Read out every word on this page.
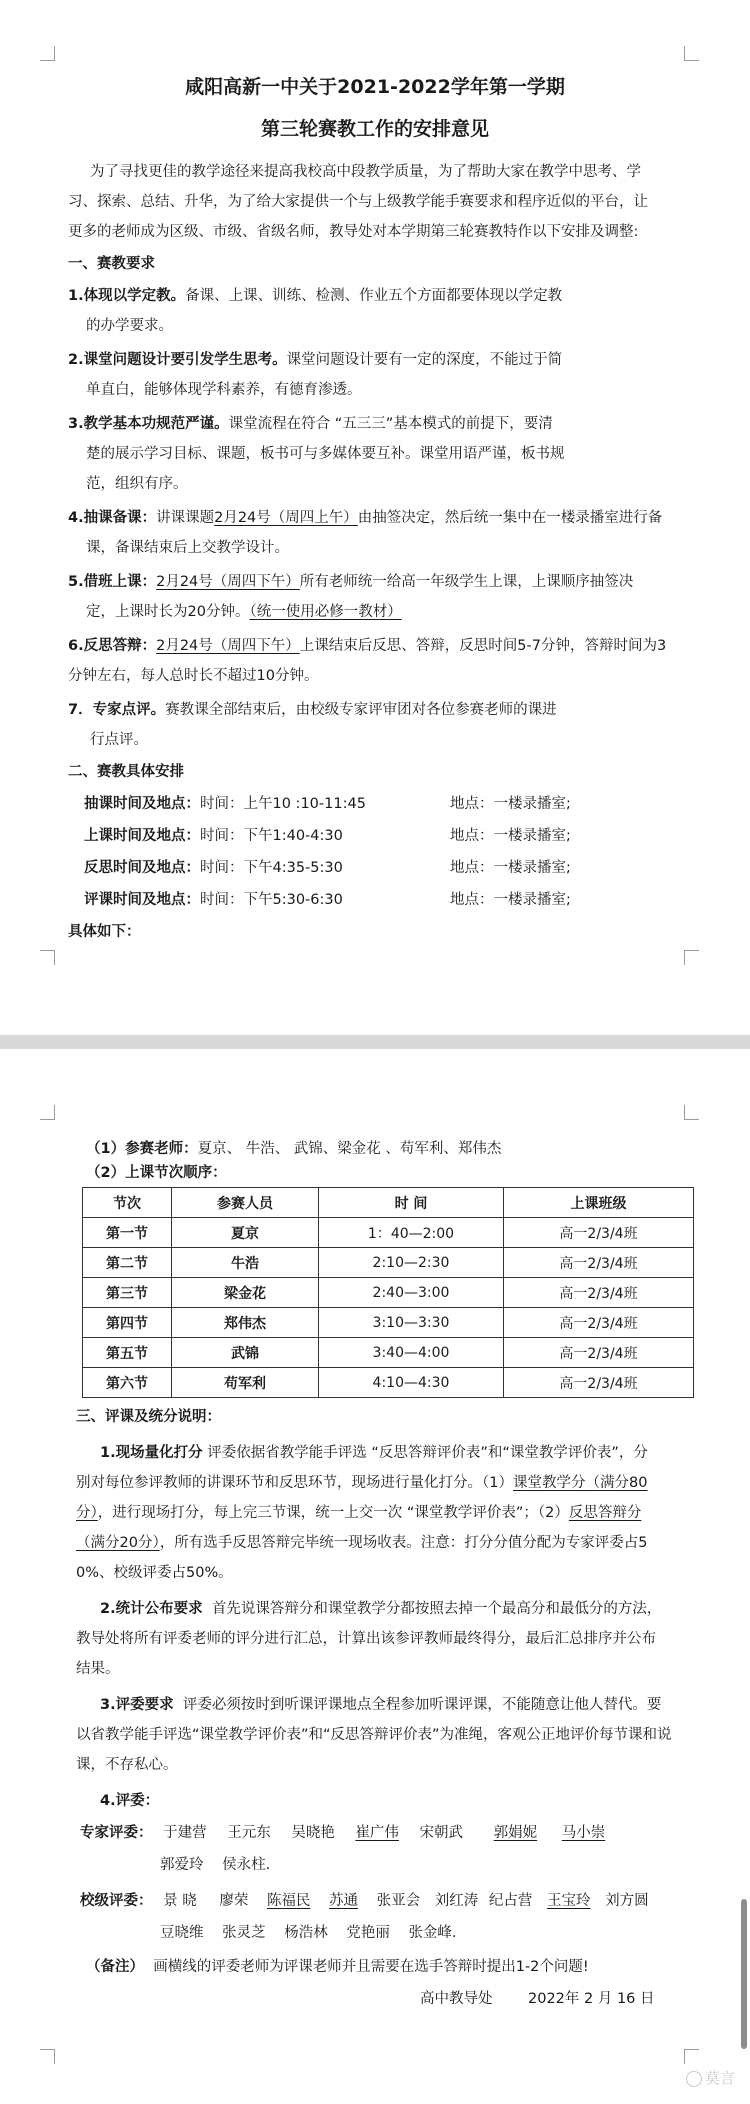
咸阳高新一中关于2021-2022学年第一学期
第三轮赛教工作的安排意见
为了寻找更佳的教学途径来提高我校高中段教学质量，为了帮助大家在教学中思考、学
习、探索、总结、升华，为了给大家提供一个与上级教学能手赛要求和程序近似的平台，让
更多的老师成为区级、市级、省级名师，教导处对本学期第三轮赛教特作以下安排及调整:
一、赛教要求
1.体现以学定教。备课、上课、训练、检测、作业五个方面都要体现以学定教
的办学要求。
2.课堂问题设计要引发学生思考。课堂问题设计要有一定的深度，不能过于简
单直白，能够体现学科素养，有德育渗透。
3.教学基本功规范严谨。课堂流程在符合 “五三三”基本模式的前提下，要清
楚的展示学习目标、课题，板书可与多媒体要互补。课堂用语严谨，板书规
范，组织有序。
4.抽课备课：讲课课题2月24号（周四上午）由抽签决定，然后统一集中在一楼录播室进行备
课，备课结束后上交教学设计。
5.借班上课：2月24号（周四下午）所有老师统一给高一年级学生上课，上课顺序抽签决
定，上课时长为20分钟。（统一使用必修一教材）
6.反思答辩：2月24号（周四下午）上课结束后反思、答辩，反思时间5-7分钟，答辩时间为3
分钟左右，每人总时长不超过10分钟。
7．专家点评。赛教课全部结束后，由校级专家评审团对各位参赛老师的课进
行点评。
二、赛教具体安排
抽课时间及地点：时间：上午10 :10-11:45	地点：一楼录播室;
上课时间及地点：时间：下午1:40-4:30	地点：一楼录播室;
反思时间及地点：时间：下午4:35-5:30	地点：一楼录播室;
评课时间及地点：时间：下午5:30-6:30	地点：一楼录播室;
具体如下：
（1）参赛老师：夏京、 牛浩、 武锦、梁金花 、苟军利、郑伟杰
（2）上课节次顺序：
节次	参赛人员	时 间	上课班级
第一节	夏京	1：40—2:00	高一2/3/4班
第二节	牛浩	2:10—2:30	高一2/3/4班
第三节	梁金花	2:40—3:00	高一2/3/4班
第四节	郑伟杰	3:10—3:30	高一2/3/4班
第五节	武锦	3:40—4:00	高一2/3/4班
第六节	苟军利	4:10—4:30	高一2/3/4班
三、评课及统分说明：
1.现场量化打分 评委依据省教学能手评选 “反思答辩评价表”和“课堂教学评价表”，分
别对每位参评教师的讲课环节和反思环节，现场进行量化打分。（1）课堂教学分（满分80
分），进行现场打分，每上完三节课，统一上交一次 “课堂教学评价表”；（2）反思答辩分
（满分20分），所有选手反思答辩完毕统一现场收表。注意：打分分值分配为专家评委占5
0%、校级评委占50%。
2.统计公布要求 首先说课答辩分和课堂教学分都按照去掉一个最高分和最低分的方法，
教导处将所有评委老师的评分进行汇总，计算出该参评教师最终得分，最后汇总排序并公布
结果。
3.评委要求 评委必须按时到听课评课地点全程参加听课评课，不能随意让他人替代。要
以省教学能手评选“课堂教学评价表”和“反思答辩评价表”为准绳，客观公正地评价每节课和说
课，不存私心。
4.评委：
专家评委： 于建营 王元东 吴晓艳 崔广伟 宋朝武 郭娟妮 马小崇
郭爱玲 侯永柱.
校级评委： 景 晓 廖荣 陈福民 苏通 张亚会 刘红涛 纪占营 王宝玲 刘方圆
豆晓维 张灵芝 杨浩林 党艳丽 张金峰.
（备注） 画横线的评委老师为评课老师并且需要在选手答辩时提出1-2个问题!
高中教导处 2022年 2 月 16 日
莫言
